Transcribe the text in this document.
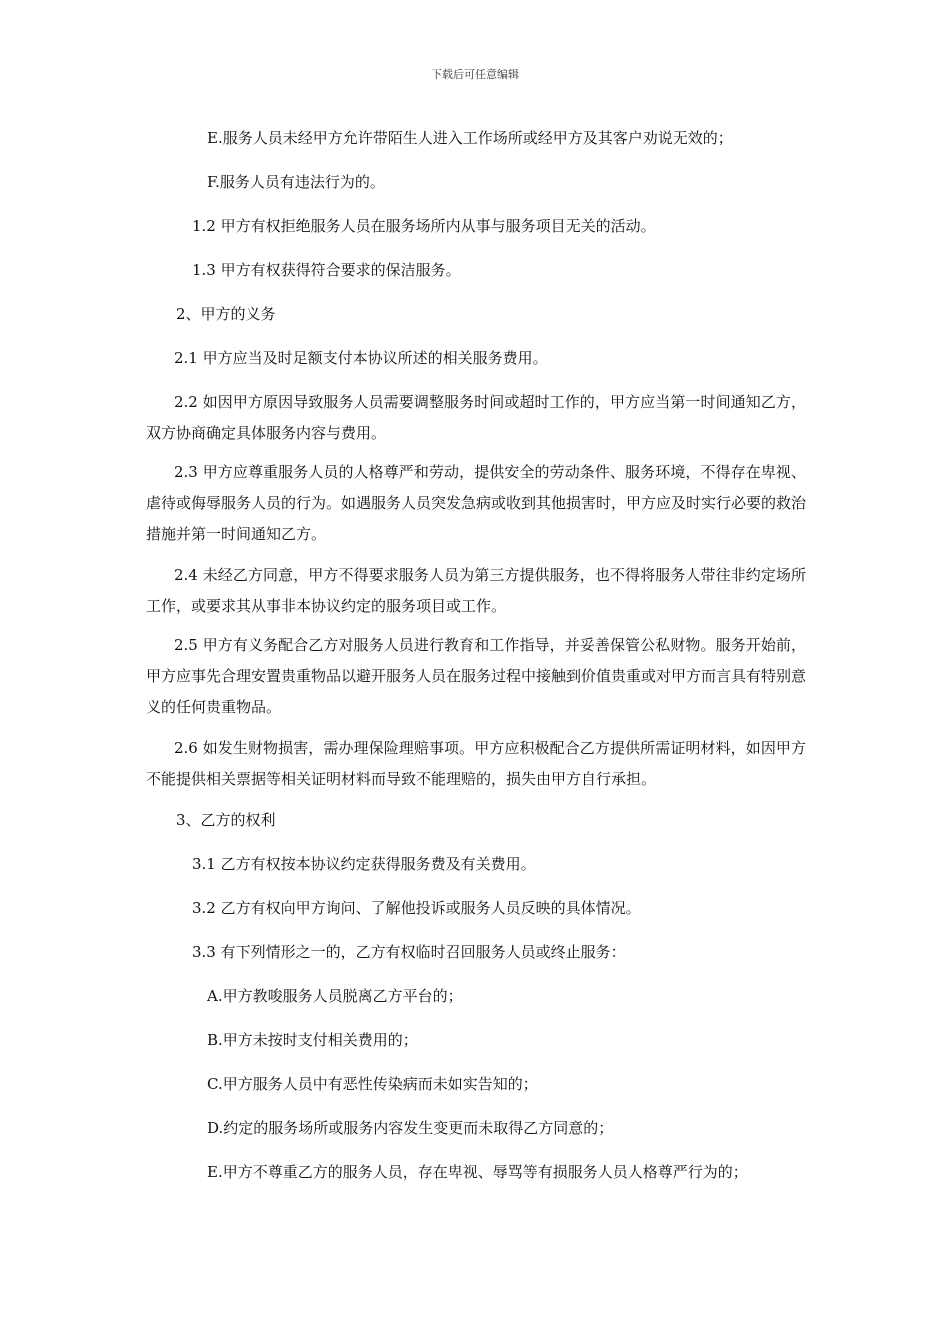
下载后可任意编辑
E.服务人员未经甲方允许带陌生人进入工作场所或经甲方及其客户劝说无效的；
F.服务人员有违法行为的。
1.2 甲方有权拒绝服务人员在服务场所内从事与服务项目无关的活动。
1.3 甲方有权获得符合要求的保洁服务。
2、甲方的义务
2.1 甲方应当及时足额支付本协议所述的相关服务费用。
2.2 如因甲方原因导致服务人员需要调整服务时间或超时工作的，甲方应当第一时间通知乙方，双方协商确定具体服务内容与费用。
2.3 甲方应尊重服务人员的人格尊严和劳动，提供安全的劳动条件、服务环境，不得存在卑视、虐待或侮辱服务人员的行为。如遇服务人员突发急病或收到其他损害时，甲方应及时实行必要的救治措施并第一时间通知乙方。
2.4 未经乙方同意，甲方不得要求服务人员为第三方提供服务，也不得将服务人带往非约定场所工作，或要求其从事非本协议约定的服务项目或工作。
2.5 甲方有义务配合乙方对服务人员进行教育和工作指导，并妥善保管公私财物。服务开始前，甲方应事先合理安置贵重物品以避开服务人员在服务过程中接触到价值贵重或对甲方而言具有特别意义的任何贵重物品。
2.6 如发生财物损害，需办理保险理赔事项。甲方应积极配合乙方提供所需证明材料，如因甲方不能提供相关票据等相关证明材料而导致不能理赔的，损失由甲方自行承担。
3、乙方的权利
3.1 乙方有权按本协议约定获得服务费及有关费用。
3.2 乙方有权向甲方询问、了解他投诉或服务人员反映的具体情况。
3.3 有下列情形之一的，乙方有权临时召回服务人员或终止服务：
A.甲方教唆服务人员脱离乙方平台的；
B.甲方未按时支付相关费用的；
C.甲方服务人员中有恶性传染病而未如实告知的；
D.约定的服务场所或服务内容发生变更而未取得乙方同意的；
E.甲方不尊重乙方的服务人员，存在卑视、辱骂等有损服务人员人格尊严行为的；
